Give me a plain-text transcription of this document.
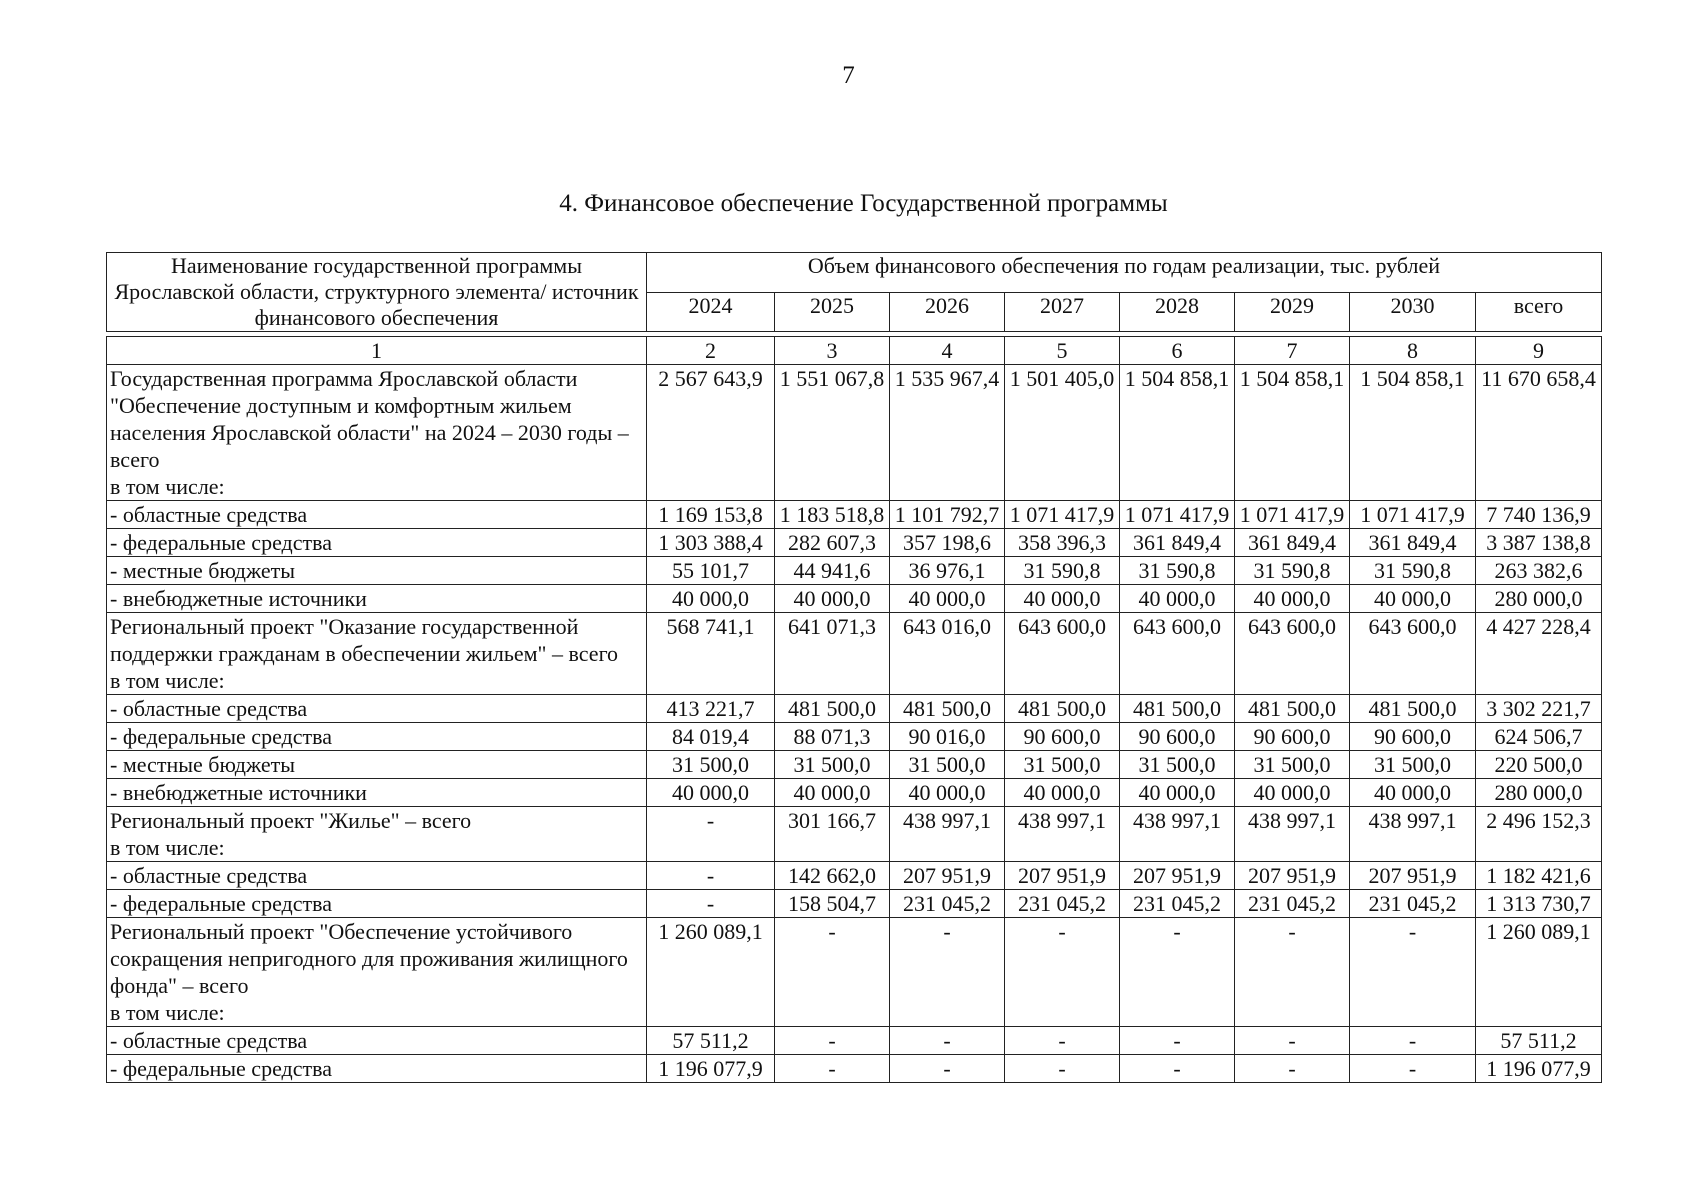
7
4. Финансовое обеспечение Государственной программы
Наименование государственной программы Ярославской области, структурного элемента/ источник финансового обеспечения	Объем финансового обеспечения по годам реализации, тыс. рублей							
	2024	2025	2026	2027	2028	2029	2030	всего

1	2	3	4	5	6	7	8	9

Государственная программа Ярославской области "Обеспечение доступным и комфортным жильем населения Ярославской области" на 2024 – 2030 годы – всего
в том числе:	2 567 643,9	1 551 067,8	1 535 967,4	1 501 405,0	1 504 858,1	1 504 858,1	1 504 858,1	11 670 658,4

- областные средства	1 169 153,8	1 183 518,8	1 101 792,7	1 071 417,9	1 071 417,9	1 071 417,9	1 071 417,9	7 740 136,9

- федеральные средства	1 303 388,4	282 607,3	357 198,6	358 396,3	361 849,4	361 849,4	361 849,4	3 387 138,8

- местные бюджеты	55 101,7	44 941,6	36 976,1	31 590,8	31 590,8	31 590,8	31 590,8	263 382,6

- внебюджетные источники	40 000,0	40 000,0	40 000,0	40 000,0	40 000,0	40 000,0	40 000,0	280 000,0

Региональный проект "Оказание государственной поддержки гражданам в обеспечении жильем" – всего
в том числе:	568 741,1	641 071,3	643 016,0	643 600,0	643 600,0	643 600,0	643 600,0	4 427 228,4

- областные средства	413 221,7	481 500,0	481 500,0	481 500,0	481 500,0	481 500,0	481 500,0	3 302 221,7

- федеральные средства	84 019,4	88 071,3	90 016,0	90 600,0	90 600,0	90 600,0	90 600,0	624 506,7

- местные бюджеты	31 500,0	31 500,0	31 500,0	31 500,0	31 500,0	31 500,0	31 500,0	220 500,0

- внебюджетные источники	40 000,0	40 000,0	40 000,0	40 000,0	40 000,0	40 000,0	40 000,0	280 000,0

Региональный проект "Жилье" – всего
в том числе:	-	301 166,7	438 997,1	438 997,1	438 997,1	438 997,1	438 997,1	2 496 152,3

- областные средства	-	142 662,0	207 951,9	207 951,9	207 951,9	207 951,9	207 951,9	1 182 421,6

- федеральные средства	-	158 504,7	231 045,2	231 045,2	231 045,2	231 045,2	231 045,2	1 313 730,7

Региональный проект "Обеспечение устойчивого сокращения непригодного для проживания жилищного фонда" – всего
в том числе:	1 260 089,1	-	-	-	-	-	-	1 260 089,1

- областные средства	57 511,2	-	-	-	-	-	-	57 511,2

- федеральные средства	1 196 077,9	-	-	-	-	-	-	1 196 077,9
